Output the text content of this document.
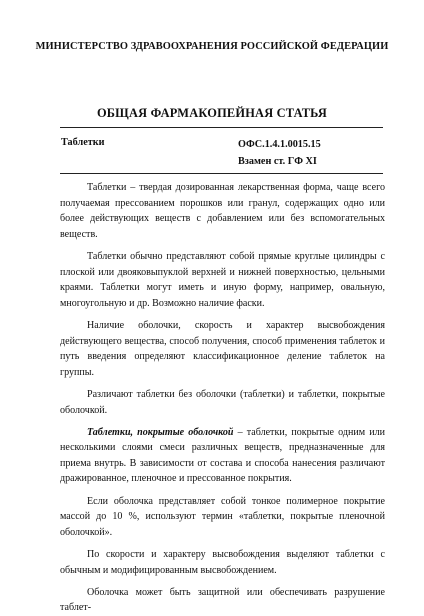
МИНИСТЕРСТВО ЗДРАВООХРАНЕНИЯ РОССИЙСКОЙ ФЕДЕРАЦИИ
ОБЩАЯ ФАРМАКОПЕЙНАЯ СТАТЬЯ
Таблетки	ОФС.1.4.1.0015.15
Взамен ст. ГФ XI

Таблетки – твердая дозированная лекарственная форма, чаще всего получаемая прессованием порошков или гранул, содержащих одно или более действующих веществ с добавлением или без вспомогательных веществ.

Таблетки обычно представляют собой прямые круглые цилиндры с плоской или двояковыпуклой верхней и нижней поверхностью, цельными краями. Таблетки могут иметь и иную форму, например, овальную, многоугольную и др. Возможно наличие фаски.

Наличие оболочки, скорость и характер высвобождения действующего вещества, способ получения, способ применения таблеток и путь введения определяют классификационное деление таблеток на группы.

Различают таблетки без оболочки (таблетки) и таблетки, покрытые оболочкой.

Таблетки, покрытые оболочкой – таблетки, покрытые одним или несколькими слоями смеси различных веществ, предназначенные для приема внутрь. В зависимости от состава и способа нанесения различают дражированное, пленочное и прессованное покрытия.

Если оболочка представляет собой тонкое полимерное покрытие массой до 10 %, используют термин «таблетки, покрытые пленочной оболочкой».

По скорости и характеру высвобождения выделяют таблетки с обычным и модифицированным высвобождением.

Оболочка может быть защитной или обеспечивать разрушение таблет-
